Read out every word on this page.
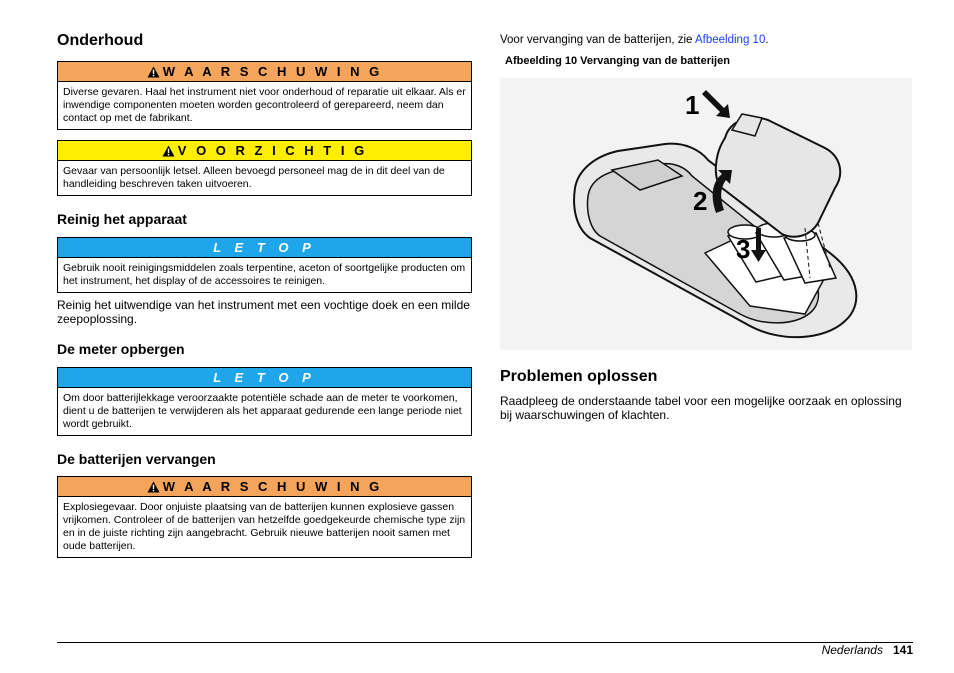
Onderhoud
W A A R S C H U W I N G
Diverse gevaren. Haal het instrument niet voor onderhoud of reparatie uit elkaar. Als er inwendige componenten moeten worden gecontroleerd of gerepareerd, neem dan contact op met de fabrikant.
V O O R Z I C H T I G
Gevaar van persoonlijk letsel. Alleen bevoegd personeel mag de in dit deel van de handleiding beschreven taken uitvoeren.
Reinig het apparaat
L E T O P
Gebruik nooit reinigingsmiddelen zoals terpentine, aceton of soortgelijke producten om het instrument, het display of de accessoires te reinigen.

Reinig het uitwendige van het instrument met een vochtige doek en een milde zeepoplossing.

De meter opbergen
L E T O P
Om door batterijlekkage veroorzaakte potentiële schade aan de meter te voorkomen, dient u de batterijen te verwijderen als het apparaat gedurende een lange periode niet wordt gebruikt.
De batterijen vervangen
W A A R S C H U W I N G
Explosiegevaar. Door onjuiste plaatsing van de batterijen kunnen explosieve gassen vrijkomen. Controleer of de batterijen van hetzelfde goedgekeurde chemische type zijn en in de juiste richting zijn aangebracht. Gebruik nieuwe batterijen nooit samen met oude batterijen.

Voor vervanging van de batterijen, zie Afbeelding 10.

Afbeelding 10 Vervanging van de batterijen

1
2
3
Problemen oplossen

Raadpleeg de onderstaande tabel voor een mogelijke oorzaak en oplossing bij waarschuwingen of klachten.

Nederlands 141
